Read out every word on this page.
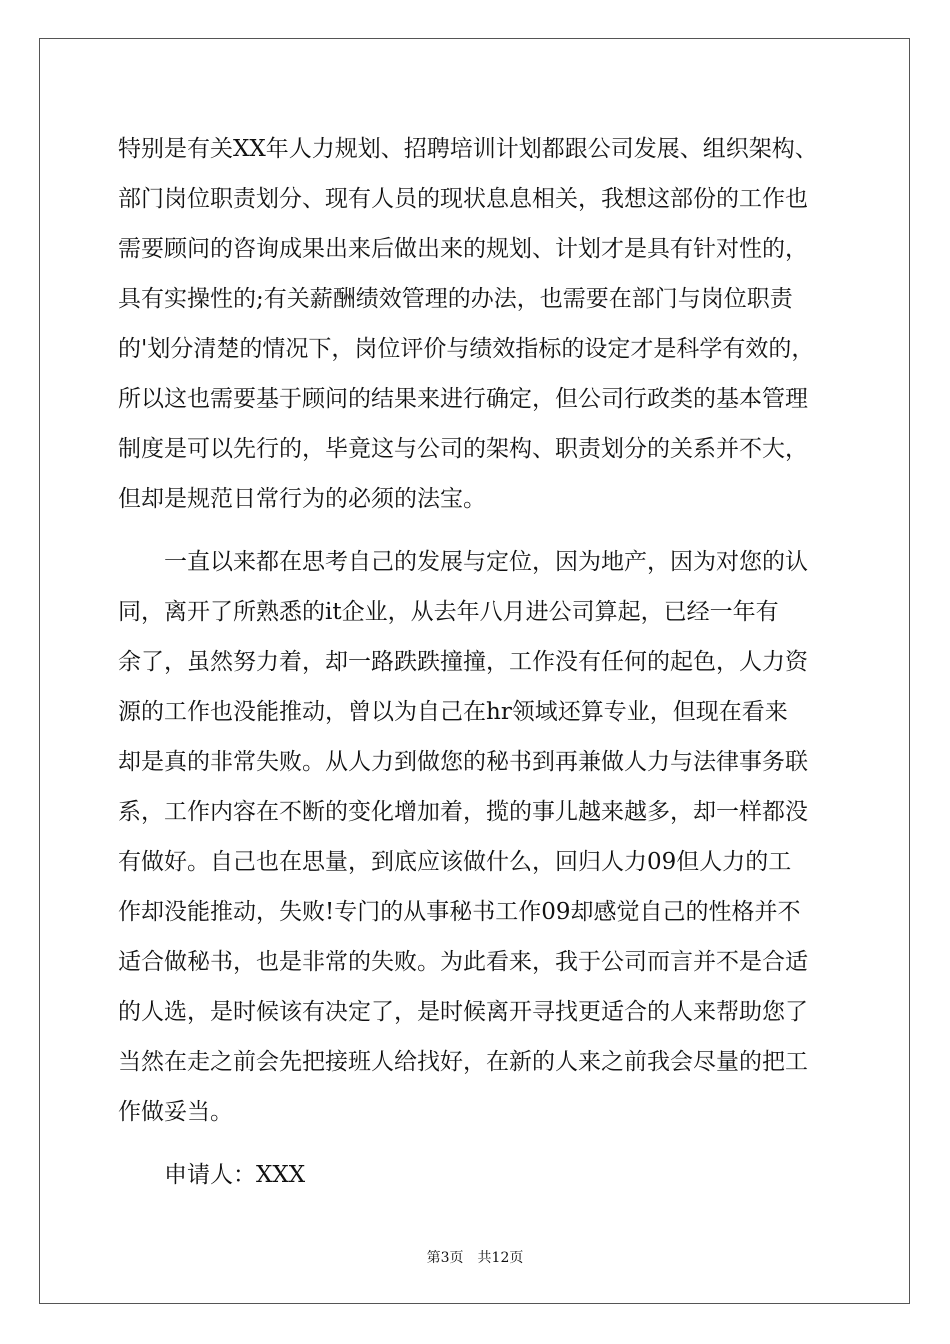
特别是有关XX年人力规划、招聘培训计划都跟公司发展、组织架构、
部门岗位职责划分、现有人员的现状息息相关，我想这部份的工作也
需要顾问的咨询成果出来后做出来的规划、计划才是具有针对性的，
具有实操性的;有关薪酬绩效管理的办法，也需要在部门与岗位职责
的'划分清楚的情况下，岗位评价与绩效指标的设定才是科学有效的，
所以这也需要基于顾问的结果来进行确定，但公司行政类的基本管理
制度是可以先行的，毕竟这与公司的架构、职责划分的关系并不大，
但却是规范日常行为的必须的法宝。
一直以来都在思考自己的发展与定位，因为地产，因为对您的认
同，离开了所熟悉的it企业，从去年八月进公司算起，已经一年有
余了，虽然努力着，却一路跌跌撞撞，工作没有任何的起色，人力资
源的工作也没能推动，曾以为自己在hr领域还算专业，但现在看来
却是真的非常失败。从人力到做您的秘书到再兼做人力与法律事务联
系，工作内容在不断的变化增加着，揽的事儿越来越多，却一样都没
有做好。自己也在思量，到底应该做什么，回归人力09但人力的工
作却没能推动，失败!专门的从事秘书工作09却感觉自己的性格并不
适合做秘书，也是非常的失败。为此看来，我于公司而言并不是合适
的人选，是时候该有决定了，是时候离开寻找更适合的人来帮助您了
当然在走之前会先把接班人给找好，在新的人来之前我会尽量的把工
作做妥当。
申请人：XXX
第3页 共12页
